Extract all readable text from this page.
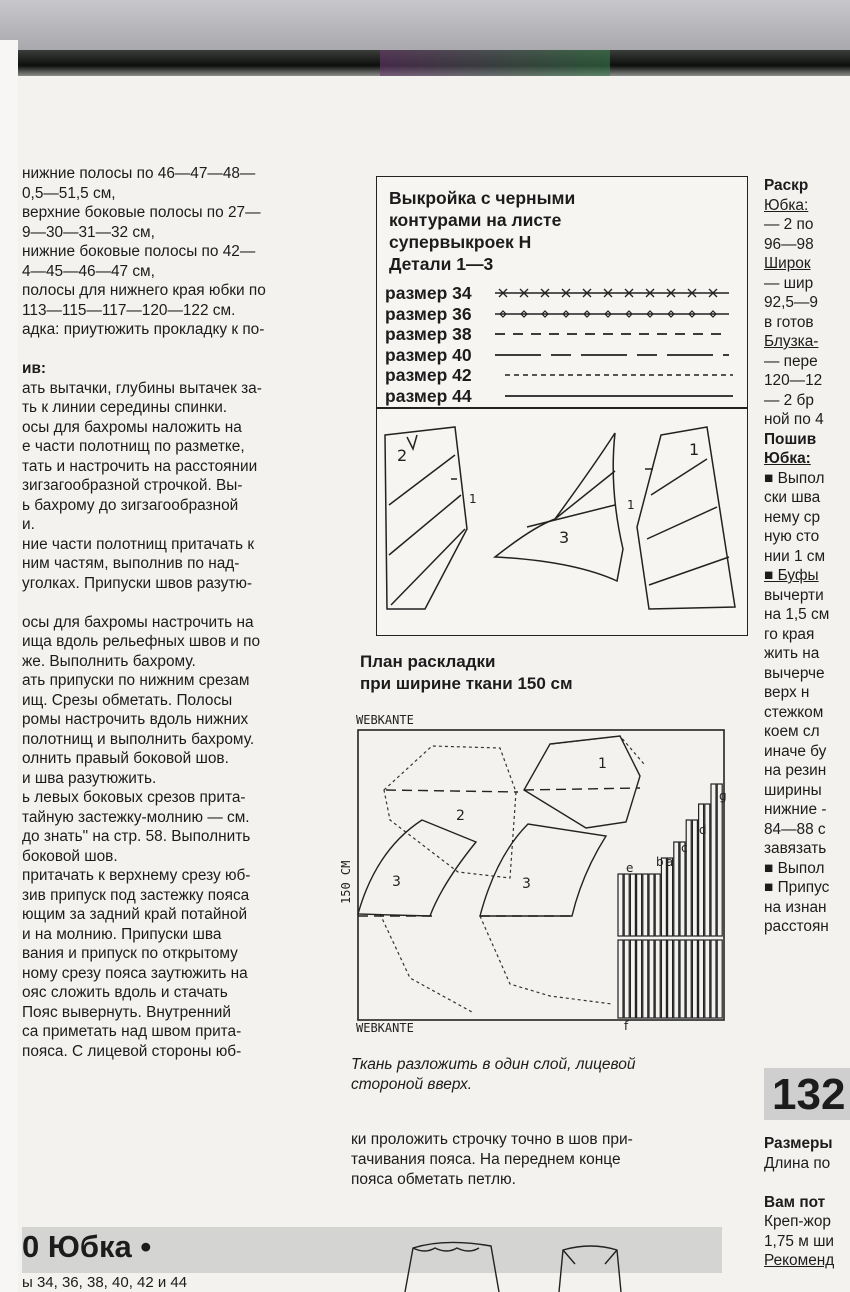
нижние полосы по 46—47—48—

0,5—51,5 см,

верхние боковые полосы по 27—

9—30—31—32 см,

нижние боковые полосы по 42—

4—45—46—47 см,

полосы для нижнего края юбки по

113—115—117—120—122 см.

адка: приутюжить прокладку к по-

ив:

ать вытачки, глубины вытачек за-

ть к линии середины спинки.

осы для бахромы наложить на

е части полотнищ по разметке,

тать и настрочить на расстоянии

зигзагообразной строчкой. Вы-

ь бахрому до зигзагообразной

и.

ние части полотнищ притачать к

ним частям, выполнив по над-

уголках. Припуски швов разутю-

осы для бахромы настрочить на

ища вдоль рельефных швов и по

же. Выполнить бахрому.

ать припуски по нижним срезам

ищ. Срезы обметать. Полосы

ромы настрочить вдоль нижних

полотнищ и выполнить бахрому.

олнить правый боковой шов.

и шва разутюжить.

ь левых боковых срезов прита-

тайную застежку-молнию — см.

до знать" на стр. 58. Выполнить

боковой шов.

притачать к верхнему срезу юб-

зив припуск под застежку пояса

ющим за задний край потайной

и на молнию. Припуски шва

вания и припуск по открытому

ному срезу пояса заутюжить на

ояс сложить вдоль и стачать

Пояс вывернуть. Внутренний

са приметать над швом прита-

пояса. С лицевой стороны юб-

Выкройка с черными

контурами на листе

супервыкроек Н

Детали 1—3

размер 34
размер 36
размер 38
размер 40
размер 42
размер 44
2
1
3
1
1

План раскладки

при ширине ткани 150 см

WEBKANTE
WEBKANTE
150 CM
1
2
3	3
e b a
c
d
g
f

Ткань разложить в один слой, лицевой

стороной вверх.

ки проложить строчку точно в шов при-

тачивания пояса. На переднем конце

пояса обметать петлю.

Раскр

Юбка:

— 2 по

96—98

Широк

— шир

92,5—9

в готов

Блузка-

— пере

120—12

— 2 бр

ной по 4

Пошив

Юбка:

■ Выпол

ски шва

нему ср

ную сто

нии 1 см

■ Буфы

вычерти

на 1,5 см

го края

жить на

вычерче

верх н

стежком

коем сл

иначе бу

на резин

ширины

нижние -

84—88 с

завязать

■ Выпол

■ Припус

на изнан

расстоян

132

Размеры

Длина по

Вам пот

Креп-жор

1,75 м ши

Рекоменд

0 Юбка •
ы 34, 36, 38, 40, 42 и 44
